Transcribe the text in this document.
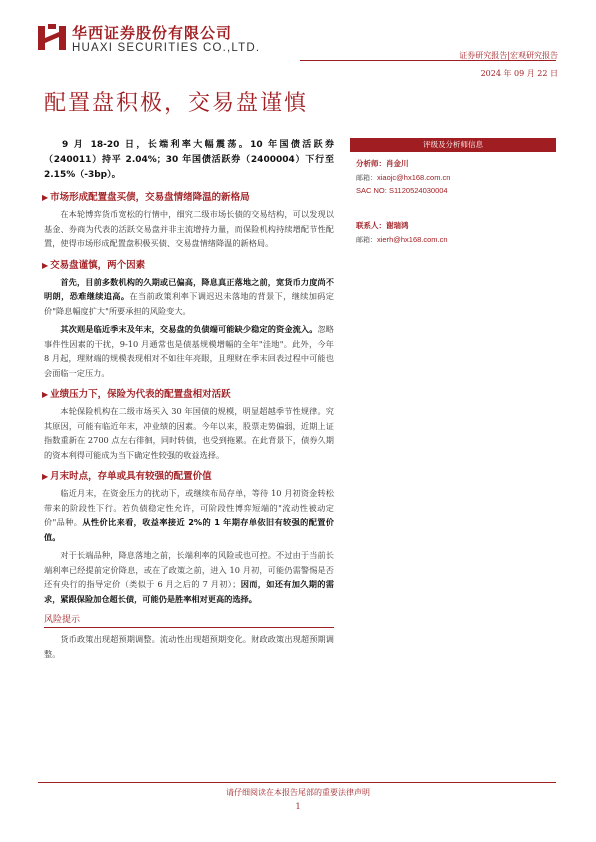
华西证券股份有限公司
HUAXI SECURITIES CO.,LTD.
证券研究报告|宏观研究报告
2024 年 09 月 22 日
配置盘积极，交易盘谨慎
9 月 18-20 日，长端利率大幅震荡。10 年国债活跃券（240011）持平 2.04%；30 年国债活跃券（2400004）下行至 2.15%（-3bp）。
▶ 市场形成配置盘买债，交易盘情绪降温的新格局
在本轮博弈货币宽松的行情中，细究二级市场长债的交易结构，可以发现以基金、券商为代表的活跃交易盘并非主流增持力量，而保险机构持续增配节性配置，使得市场形成配置盘积极买债、交易盘情绪降温的新格局。
▶ 交易盘谨慎，两个因素
首先，目前多数机构的久期或已偏高，降息真正落地之前，宽货币力度尚不明朗，恐难继续追高。在当前政策利率下调迟迟未落地的背景下，继续加码定价"降息幅度扩大"所要承担的风险变大。
其次则是临近季末及年末，交易盘的负债端可能缺少稳定的资金流入。忽略事件性因素的干扰，9-10 月通常也是债基规模增幅的全年"洼地"。此外，今年 8 月起，理财端的规模表现相对不如往年亮眼，且理财在季末回表过程中可能也会面临一定压力。
▶ 业绩压力下，保险为代表的配置盘相对活跃
本轮保险机构在二级市场买入 30 年国债的规模，明显超越季节性规律。究其原因，可能有临近年末，冲业绩的因素。今年以来，股票走势偏弱，近期上证指数重新在 2700 点左右徘徊，同时转债，也受到拖累。在此背景下，债券久期的资本利得可能成为当下确定性较强的收益选择。
▶ 月末时点，存单或具有较强的配置价值
临近月末，在资金压力的扰动下，或继续布局存单，等待 10 月初资金转松带来的阶段性下行。若负债稳定性允许，可阶段性博弈短端的"流动性被动定价"品种。从性价比来看，收益率接近 2%的 1 年期存单依旧有较强的配置价值。
对于长端品种，降息落地之前，长端利率的风险或也可控。不过由于当前长端利率已经提前定价降息，或在了政策之前，进入 10 月初，可能仍需警惕是否还有央行的指导定价（类似于 6 月之后的 7 月初）；因而，如还有加久期的需求，紧跟保险加仓超长债，可能仍是胜率相对更高的选择。
风险提示
货币政策出现超预期调整。流动性出现超预期变化。财政政策出现超预期调整。
评级及分析师信息
分析师：肖金川
邮箱：xiaojc@hx168.com.cn
SAC NO: S1120524030004
联系人：谢瑞鸿
邮箱：xierh@hx168.com.cn
请仔细阅读在本报告尾部的重要法律声明
1
